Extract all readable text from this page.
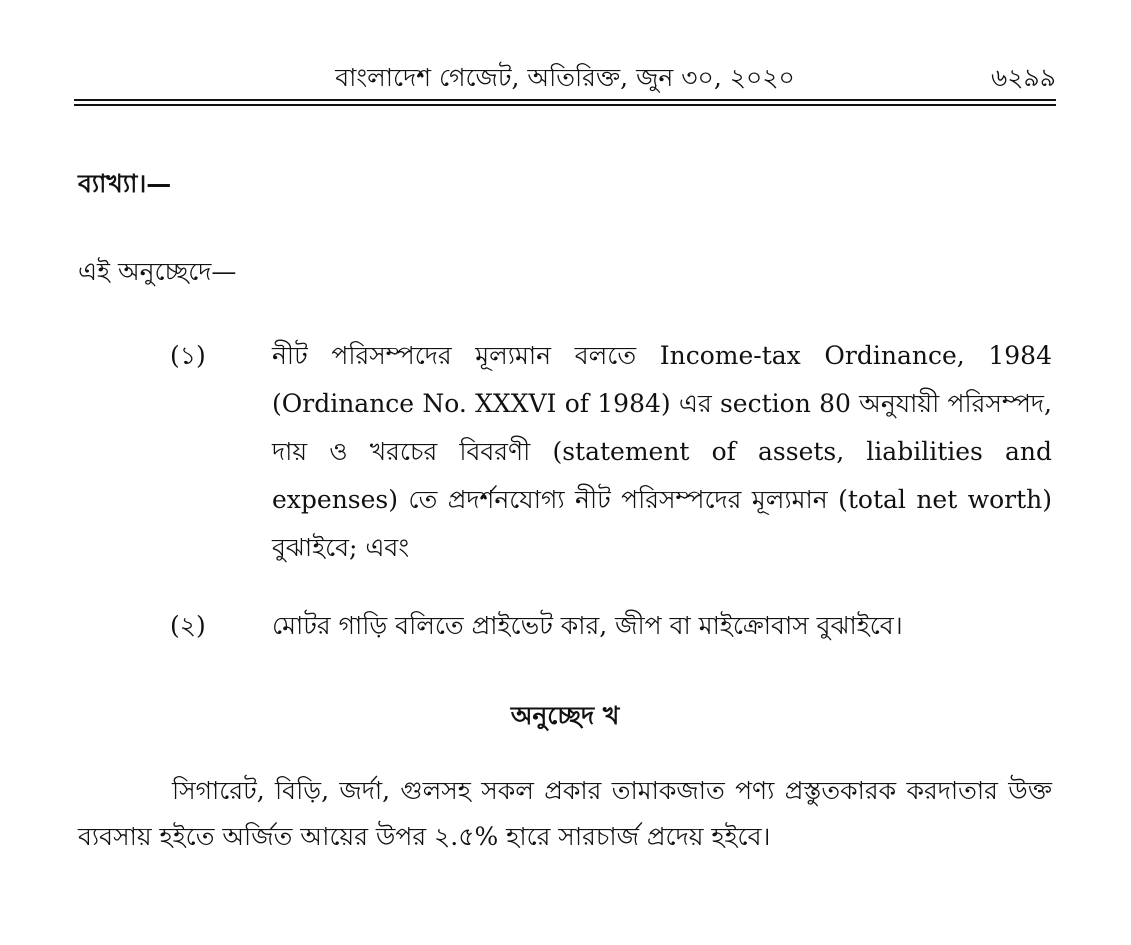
বাংলাদেশ গেজেট, অতিরিক্ত, জুন ৩০, ২০২০	৬২৯৯
ব্যাখ্যা।—
এই অনুচ্ছেদে—
(১)	নীট পরিসম্পদের মূল্যমান বলতে Income-tax Ordinance, 1984 (Ordinance No. XXXVI of 1984) এর section 80 অনুযায়ী পরিসম্পদ, দায় ও খরচের বিবরণী (statement of assets, liabilities and expenses) তে প্রদর্শনযোগ্য নীট পরিসম্পদের মূল্যমান (total net worth) বুঝাইবে; এবং
(২)	মোটর গাড়ি বলিতে প্রাইভেট কার, জীপ বা মাইক্রোবাস বুঝাইবে।
অনুচ্ছেদ খ
সিগারেট, বিড়ি, জর্দা, গুলসহ সকল প্রকার তামাকজাত পণ্য প্রস্তুতকারক করদাতার উক্ত ব্যবসায় হইতে অর্জিত আয়ের উপর ২.৫% হারে সারচার্জ প্রদেয় হইবে।
